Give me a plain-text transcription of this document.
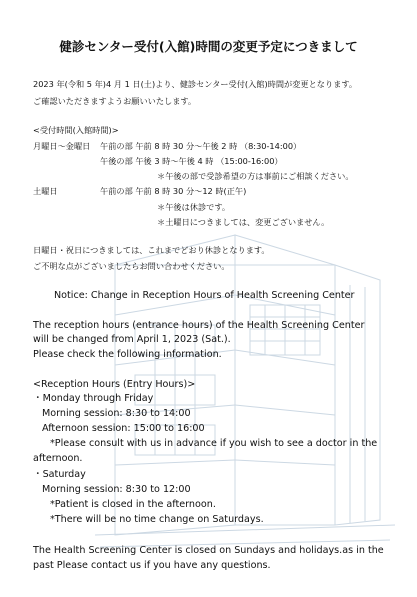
健診センター受付(入館)時間の変更予定につきまして
2023 年(令和 5 年)4 月 1 日(土)より、健診センター受付(入館)時間が変更となります。
ご確認いただきますようお願いいたします。
<受付時間(入館時間)>
月曜日～金曜日 午前の部 午前 8 時 30 分～午後 2 時 （8:30-14:00）
午後の部 午後 3 時～午後 4 時 （15:00-16:00）
＊午後の部で受診希望の方は事前にご相談ください。
土曜日	午前の部 午前 8 時 30 分～12 時(正午)
＊午後は休診です。
＊土曜日につきましては、変更ございません。
日曜日・祝日につきましては、これまでどおり休診となります。
ご不明な点がございましたらお問い合わせください。
Notice: Change in Reception Hours of Health Screening Center
The reception hours (entrance hours) of the Health Screening Center
will be changed from April 1, 2023 (Sat.).
Please check the following information.
<Reception Hours (Entry Hours)>
・Monday through Friday
Morning session: 8:30 to 14:00
Afternoon session: 15:00 to 16:00
*Please consult with us in advance if you wish to see a doctor in the
afternoon.
・Saturday
Morning session: 8:30 to 12:00
*Patient is closed in the afternoon.
*There will be no time change on Saturdays.
The Health Screening Center is closed on Sundays and holidays.as in the
past Please contact us if you have any questions.
